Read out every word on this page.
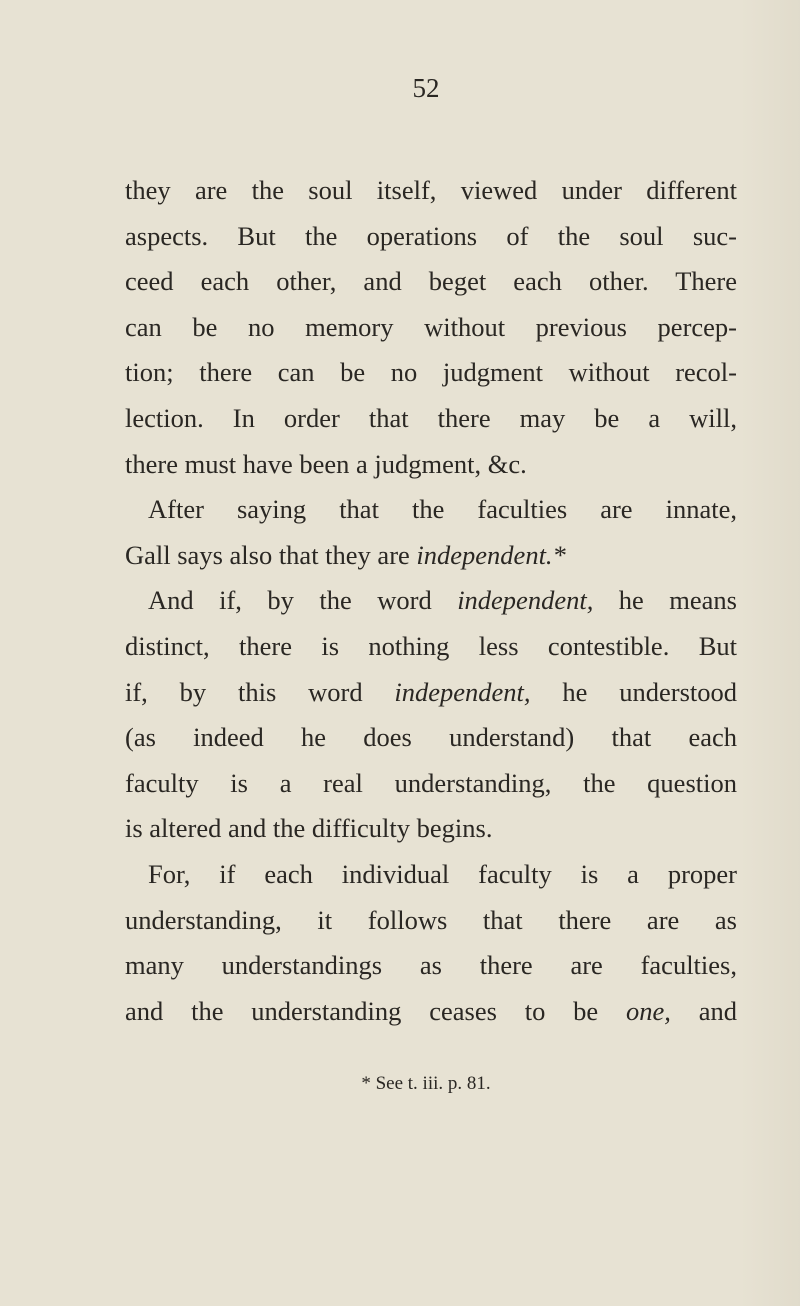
52
they are the soul itself, viewed under different
aspects. But the operations of the soul suc-
ceed each other, and beget each other. There
can be no memory without previous percep-
tion; there can be no judgment without recol-
lection. In order that there may be a will,
there must have been a judgment, &c.
After saying that the faculties are innate,
Gall says also that they are independent.*
And if, by the word independent, he means
distinct, there is nothing less contestible. But
if, by this word independent, he understood
(as indeed he does understand) that each
faculty is a real understanding, the question
is altered and the difficulty begins.
For, if each individual faculty is a proper
understanding, it follows that there are as
many understandings as there are faculties,
and the understanding ceases to be one, and
* See t. iii. p. 81.
